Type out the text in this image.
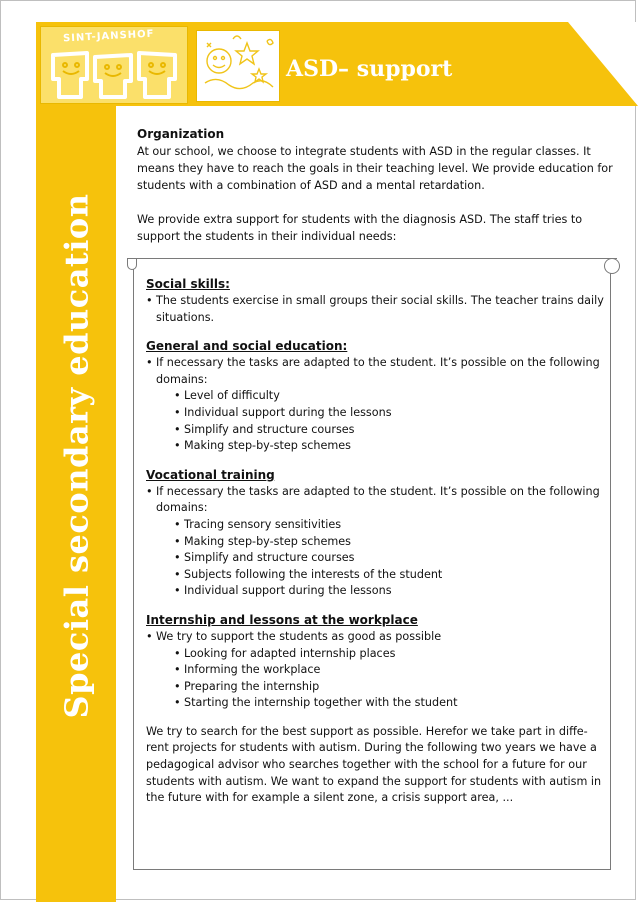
Special secondary education
SINT-JANSHOF
ASD– support

Organization

At our school, we choose to integrate students with ASD in the regular classes. It means they have to reach the goals in their teaching level. We provide education for students with a combination of ASD and a mental retardation.

We provide extra support for students with the diagnosis ASD. The staff tries to support the students in their individual needs:

Social skills:

• The students exercise in small groups their social skills. The teacher trains daily situations.

General and social education:

• If necessary the tasks are adapted to the student. It’s possible on the following domains:
• Level of difficulty
• Individual support during the lessons
• Simplify and structure courses
• Making step-by-step schemes

Vocational training

• If necessary the tasks are adapted to the student. It’s possible on the following domains:
• Tracing sensory sensitivities
• Making step-by-step schemes
• Simplify and structure courses
• Subjects following the interests of the student
• Individual support during the lessons

Internship and lessons at the workplace

• We try to support the students as good as possible
• Looking for adapted internship places
• Informing the workplace
• Preparing the internship
• Starting the internship together with the student

We try to search for the best support as possible. Herefor we take part in diffe-rent projects for students with autism. During the following two years we have a pedagogical advisor who searches together with the school for a future for our students with autism. We want to expand the support for students with autism in the future with for example a silent zone, a crisis support area, ...
